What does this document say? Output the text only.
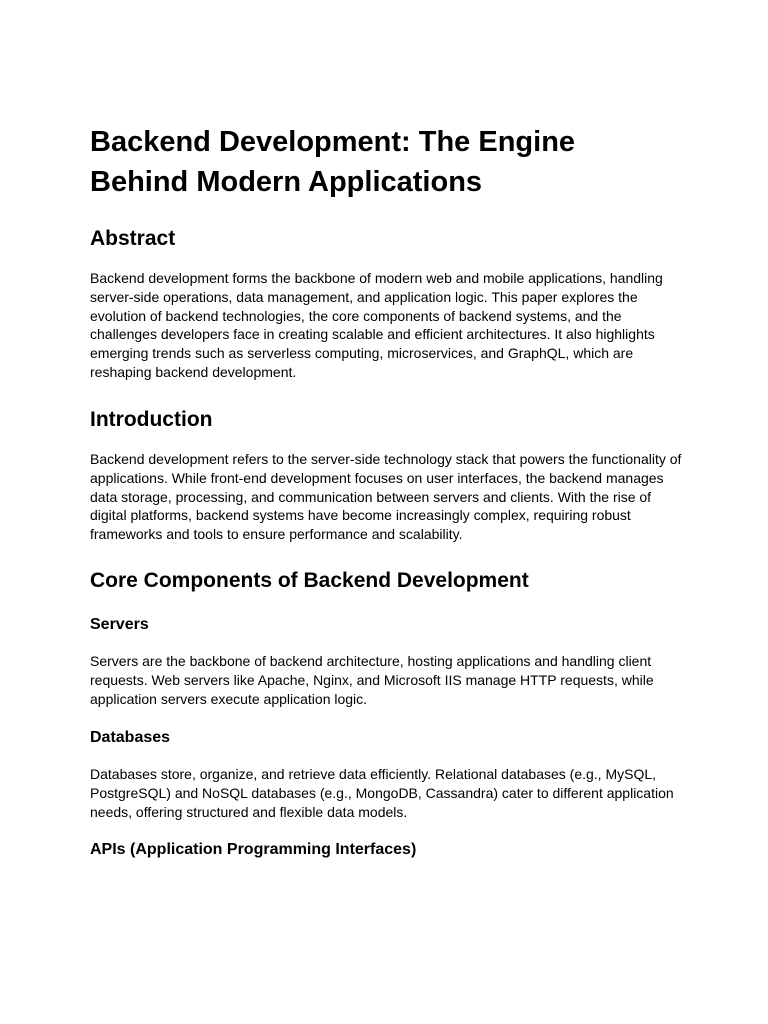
Backend Development: The Engine Behind Modern Applications
Abstract

Backend development forms the backbone of modern web and mobile applications, handling server-side operations, data management, and application logic. This paper explores the evolution of backend technologies, the core components of backend systems, and the challenges developers face in creating scalable and efficient architectures. It also highlights emerging trends such as serverless computing, microservices, and GraphQL, which are reshaping backend development.

Introduction

Backend development refers to the server-side technology stack that powers the functionality of applications. While front-end development focuses on user interfaces, the backend manages data storage, processing, and communication between servers and clients. With the rise of digital platforms, backend systems have become increasingly complex, requiring robust frameworks and tools to ensure performance and scalability.

Core Components of Backend Development
Servers

Servers are the backbone of backend architecture, hosting applications and handling client requests. Web servers like Apache, Nginx, and Microsoft IIS manage HTTP requests, while application servers execute application logic.

Databases

Databases store, organize, and retrieve data efficiently. Relational databases (e.g., MySQL, PostgreSQL) and NoSQL databases (e.g., MongoDB, Cassandra) cater to different application needs, offering structured and flexible data models.

APIs (Application Programming Interfaces)
